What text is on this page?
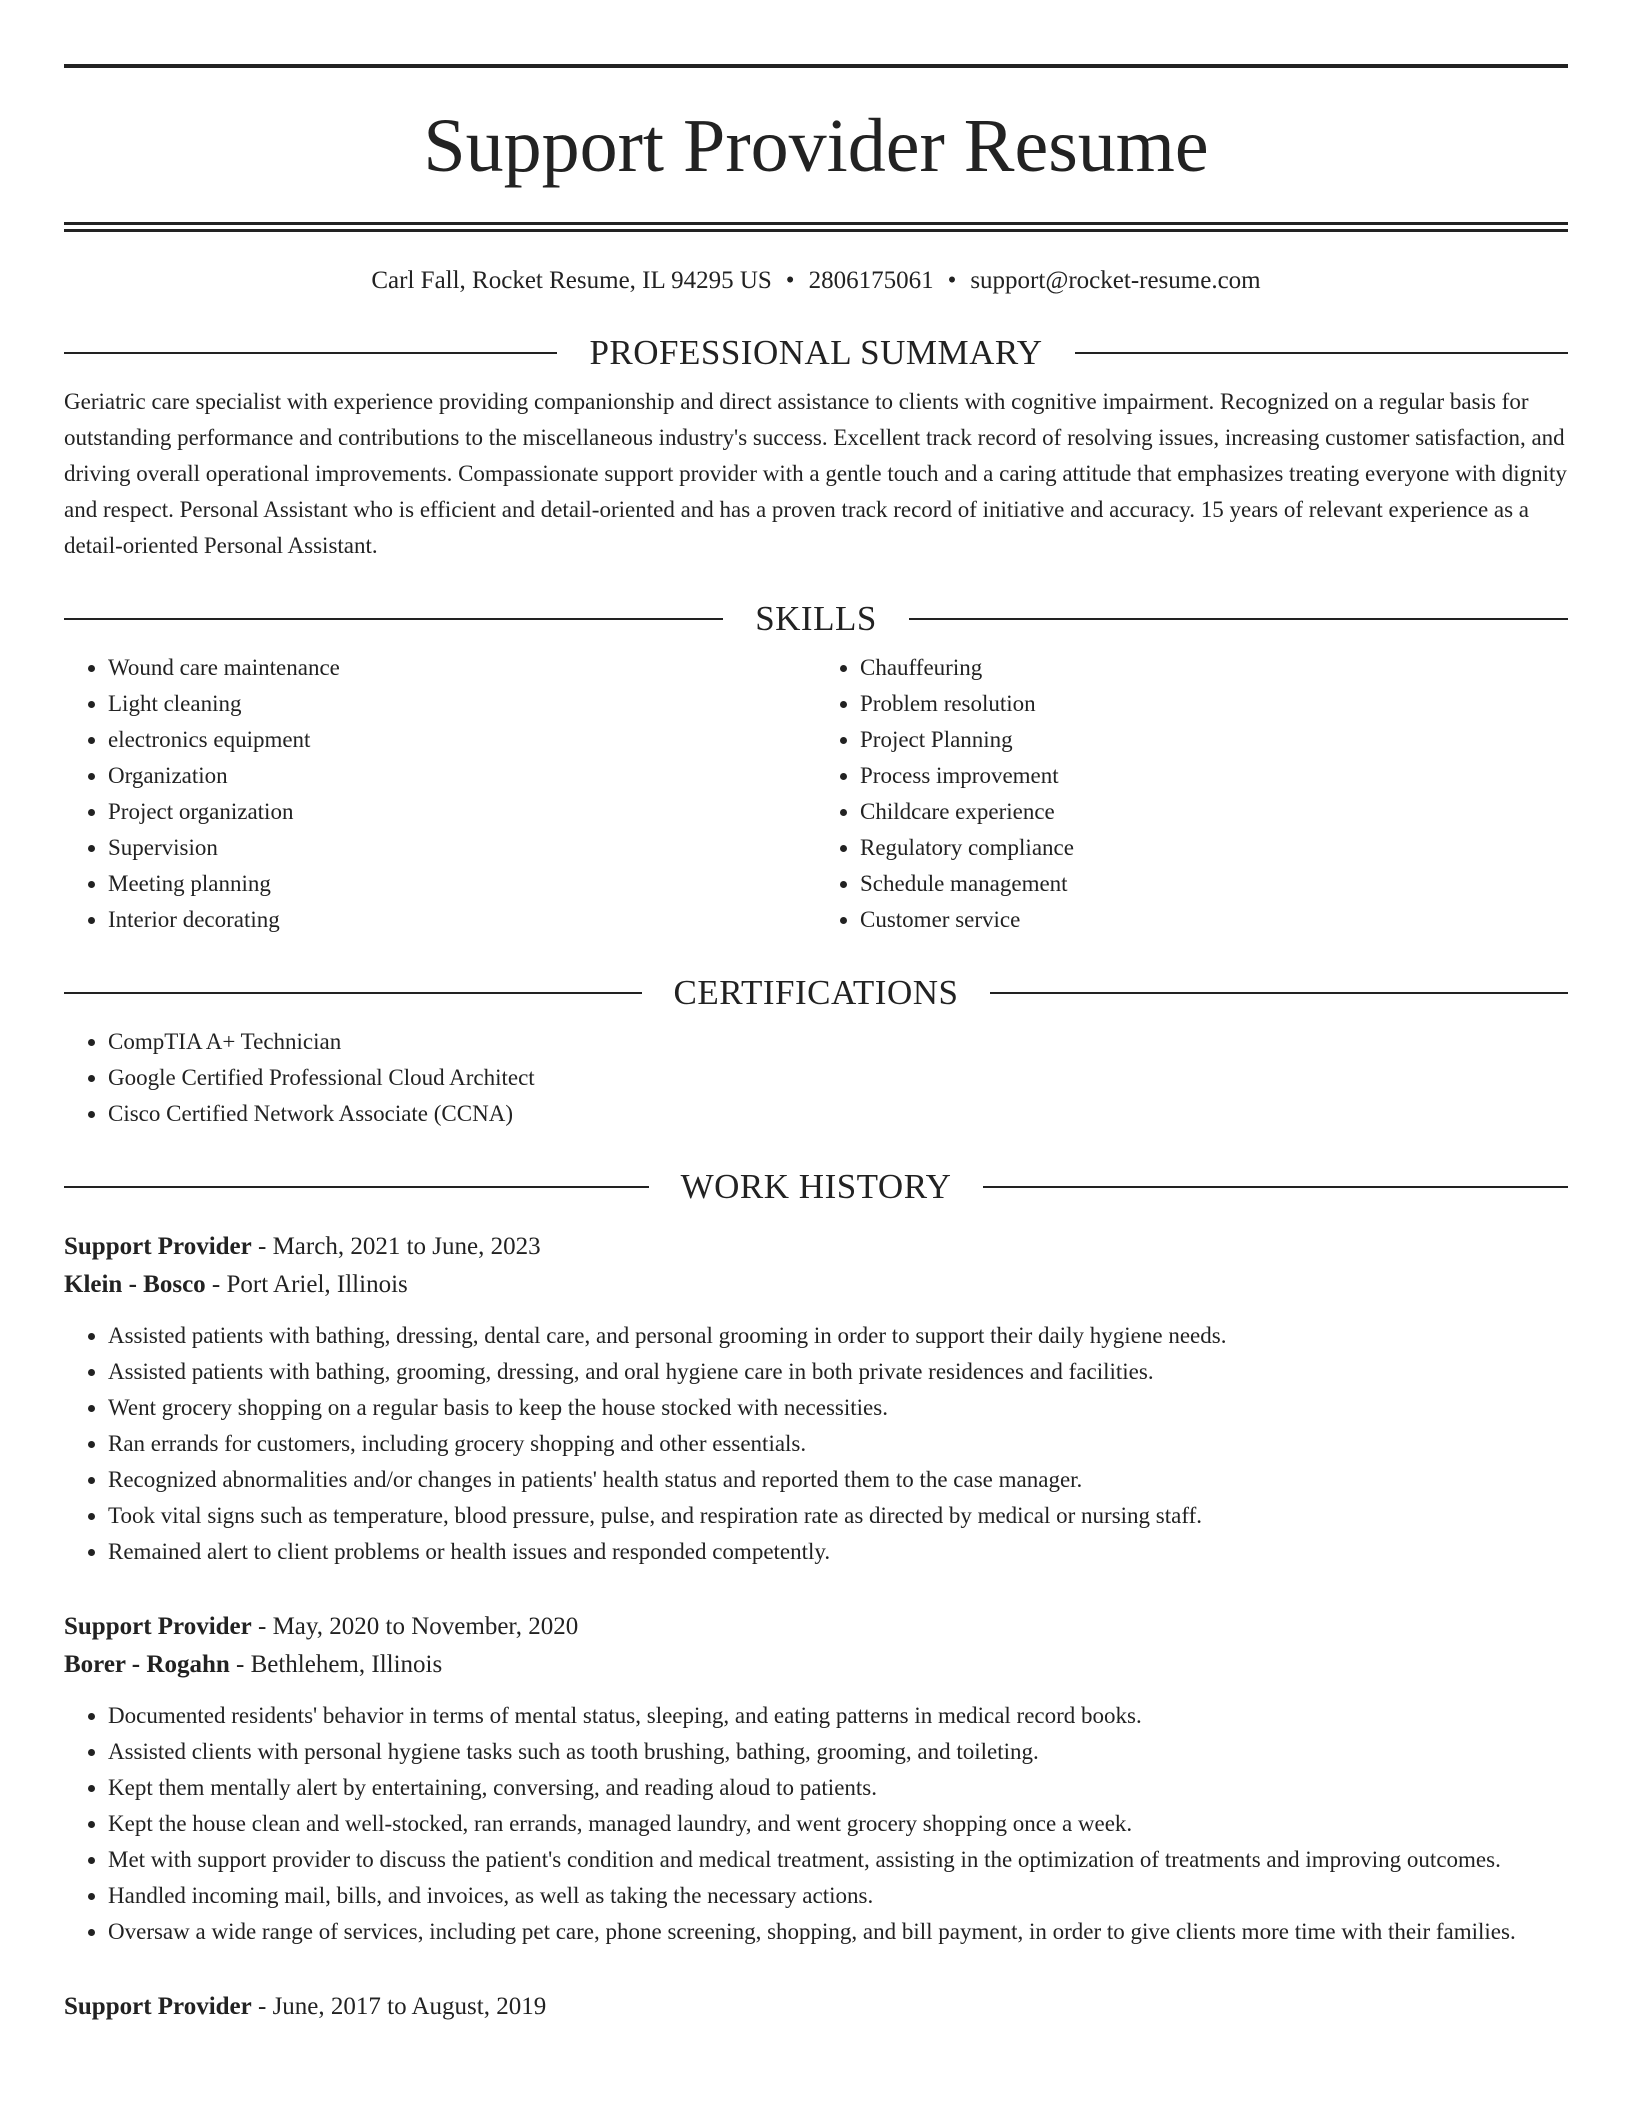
Support Provider Resume
Carl Fall, Rocket Resume, IL 94295 US • 2806175061 • support@rocket-resume.com
PROFESSIONAL SUMMARY

Geriatric care specialist with experience providing companionship and direct assistance to clients with cognitive impairment. Recognized on a regular basis for outstanding performance and contributions to the miscellaneous industry's success. Excellent track record of resolving issues, increasing customer satisfaction, and driving overall operational improvements. Compassionate support provider with a gentle touch and a caring attitude that emphasizes treating everyone with dignity and respect. Personal Assistant who is efficient and detail-oriented and has a proven track record of initiative and accuracy. 15 years of relevant experience as a detail-oriented Personal Assistant.

SKILLS
• Wound care maintenance
• Light cleaning
• electronics equipment
• Organization
• Project organization
• Supervision
• Meeting planning
• Interior decorating
• Chauffeuring
• Problem resolution
• Project Planning
• Process improvement
• Childcare experience
• Regulatory compliance
• Schedule management
• Customer service
CERTIFICATIONS
• CompTIA A+ Technician
• Google Certified Professional Cloud Architect
• Cisco Certified Network Associate (CCNA)
WORK HISTORY
Support Provider - March, 2021 to June, 2023
Klein - Bosco - Port Ariel, Illinois
• Assisted patients with bathing, dressing, dental care, and personal grooming in order to support their daily hygiene needs.
• Assisted patients with bathing, grooming, dressing, and oral hygiene care in both private residences and facilities.
• Went grocery shopping on a regular basis to keep the house stocked with necessities.
• Ran errands for customers, including grocery shopping and other essentials.
• Recognized abnormalities and/or changes in patients' health status and reported them to the case manager.
• Took vital signs such as temperature, blood pressure, pulse, and respiration rate as directed by medical or nursing staff.
• Remained alert to client problems or health issues and responded competently.
Support Provider - May, 2020 to November, 2020
Borer - Rogahn - Bethlehem, Illinois
• Documented residents' behavior in terms of mental status, sleeping, and eating patterns in medical record books.
• Assisted clients with personal hygiene tasks such as tooth brushing, bathing, grooming, and toileting.
• Kept them mentally alert by entertaining, conversing, and reading aloud to patients.
• Kept the house clean and well-stocked, ran errands, managed laundry, and went grocery shopping once a week.
• Met with support provider to discuss the patient's condition and medical treatment, assisting in the optimization of treatments and improving outcomes.
• Handled incoming mail, bills, and invoices, as well as taking the necessary actions.
• Oversaw a wide range of services, including pet care, phone screening, shopping, and bill payment, in order to give clients more time with their families.
Support Provider - June, 2017 to August, 2019
